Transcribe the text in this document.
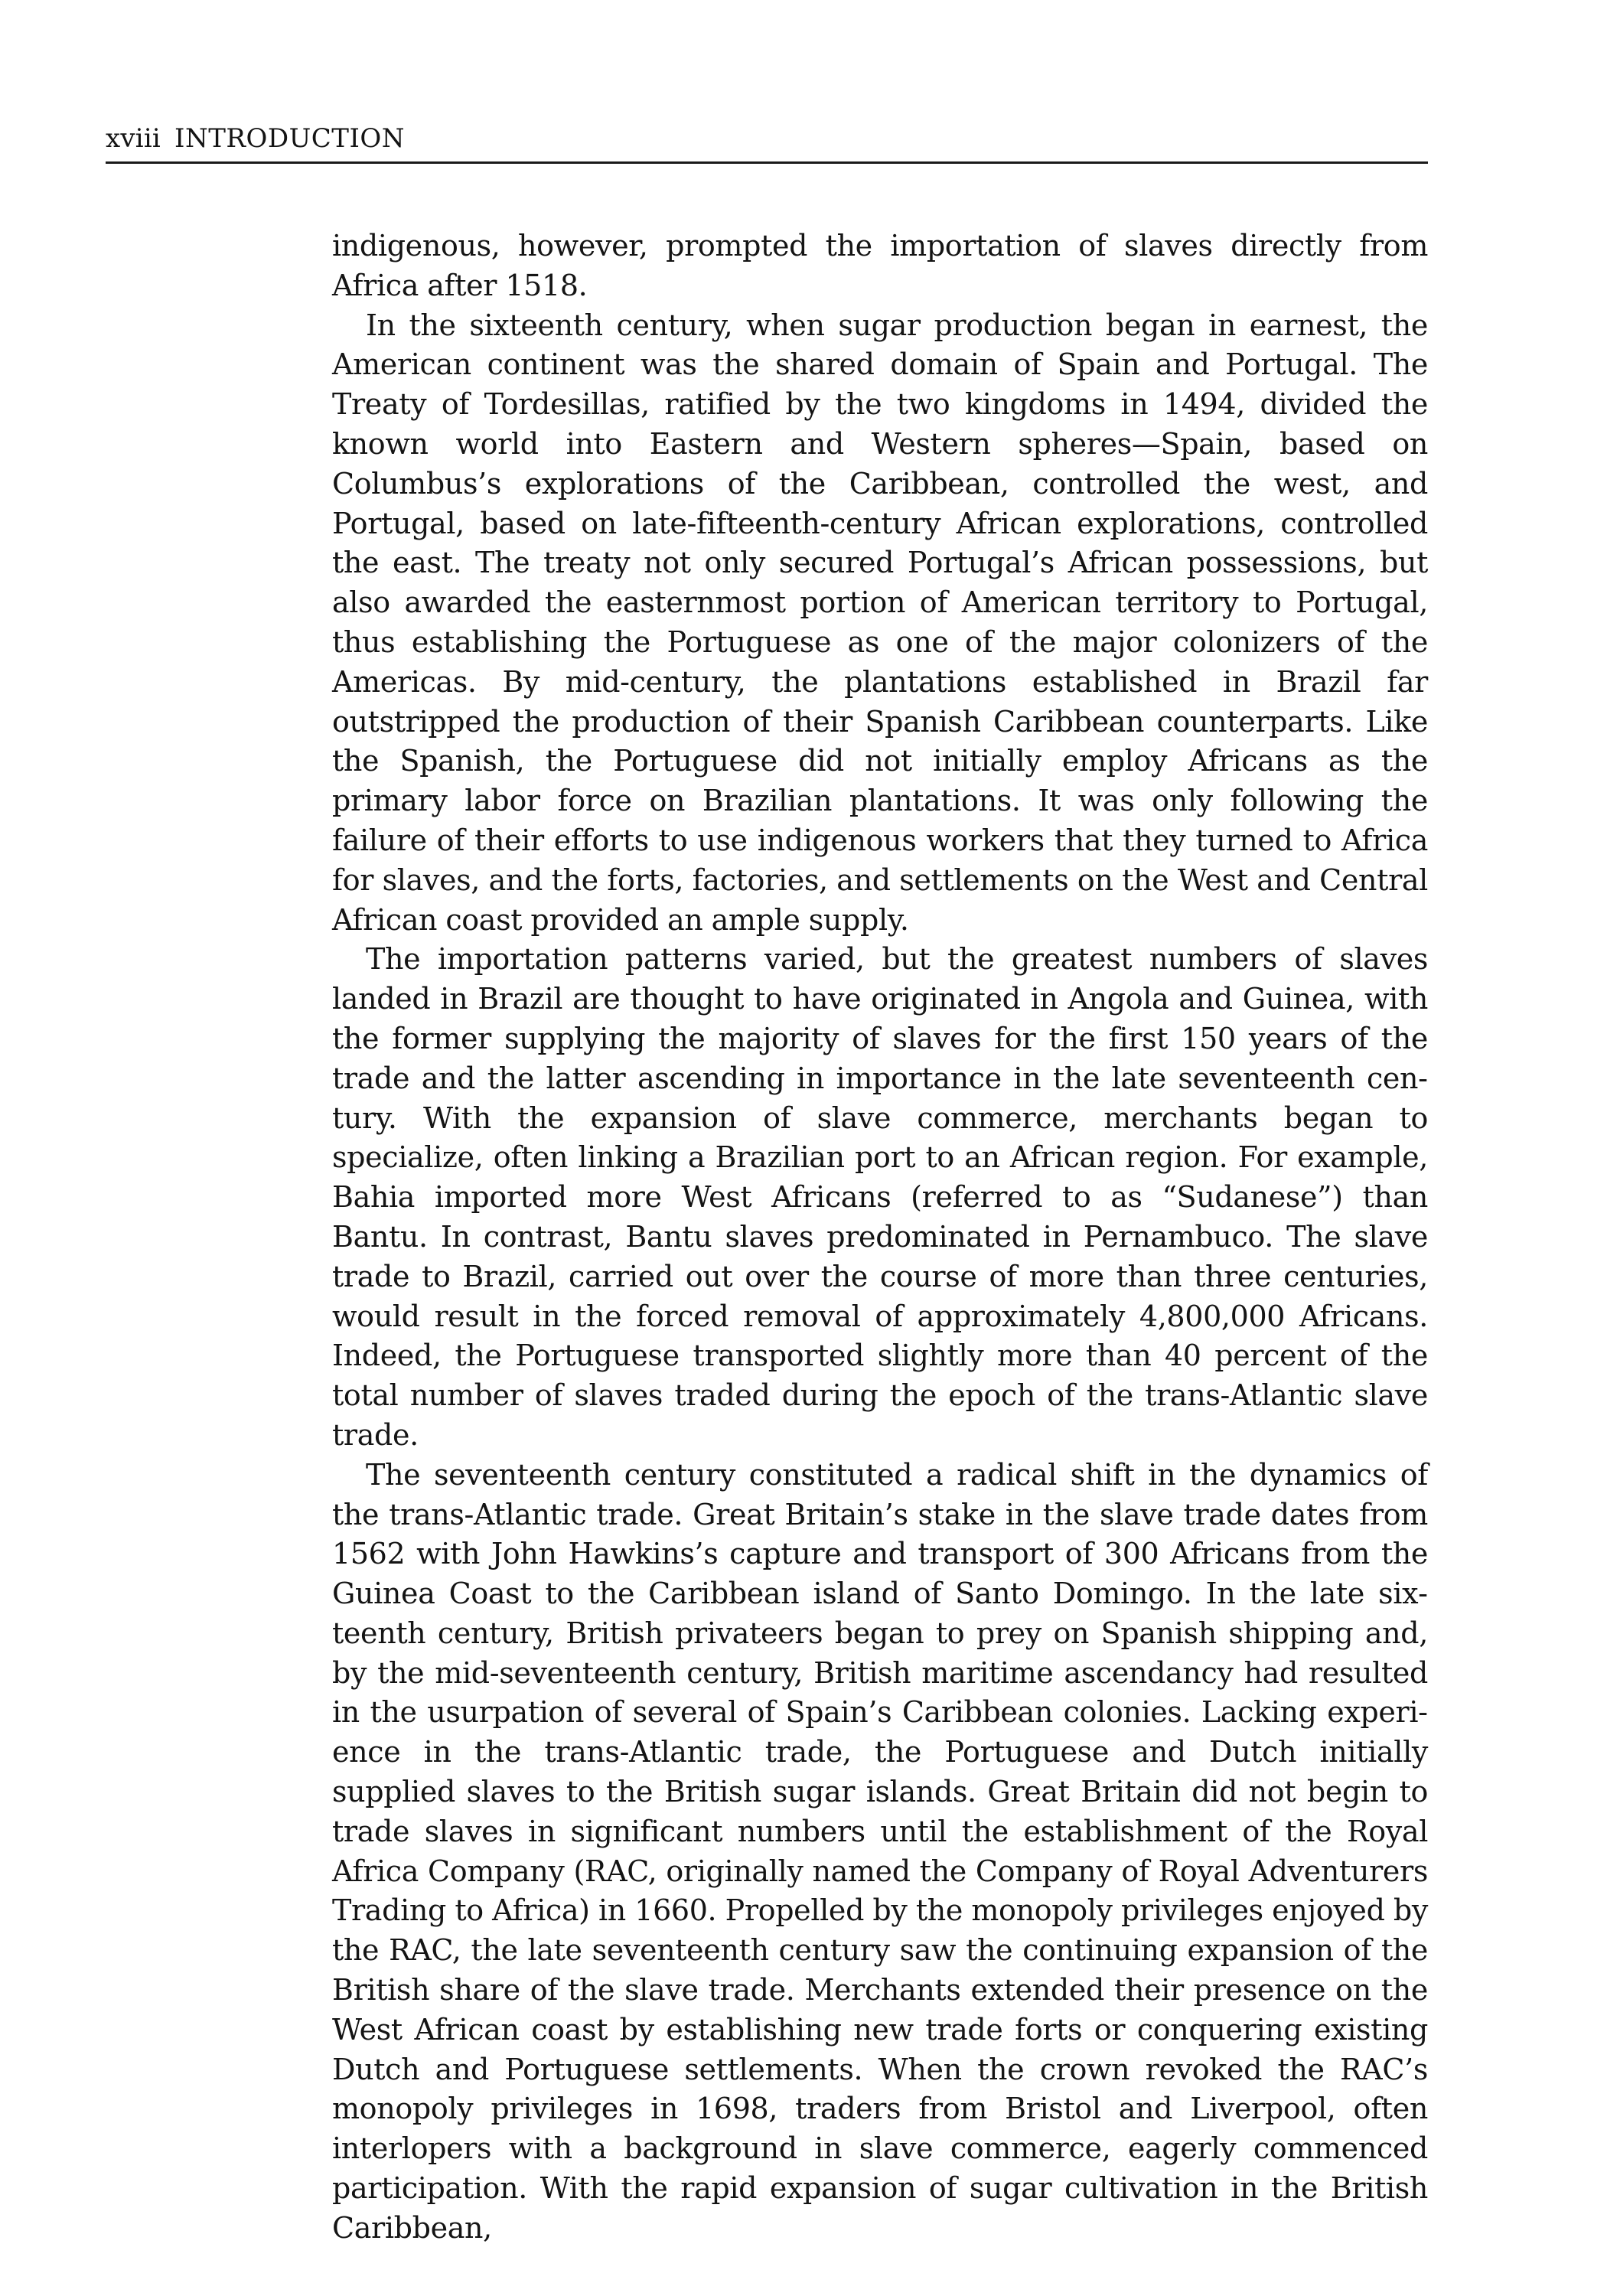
xviii INTRODUCTION

indigenous, however, prompted the importation of slaves directly from Africa after 1518.

In the sixteenth century, when sugar production began in earnest, the American continent was the shared domain of Spain and Portugal. The Treaty of Tordesillas, ratified by the two kingdoms in 1494, divided the known world into Eastern and Western spheres—Spain, based on Columbus’s explorations of the Caribbean, controlled the west, and Portugal, based on late-fifteenth-century African explorations, controlled the east. The treaty not only secured Portugal’s African possessions, but also awarded the easternmost portion of American territory to Portugal, thus establishing the Portuguese as one of the major colonizers of the Americas. By mid-century, the plantations established in Brazil far outstripped the production of their Spanish Caribbean counterparts. Like the Spanish, the Portuguese did not initially employ Africans as the primary labor force on Brazilian plantations. It was only following the failure of their efforts to use indigenous workers that they turned to Africa for slaves, and the forts, factories, and settlements on the West and Central African coast provided an ample supply.

The importation patterns varied, but the greatest numbers of slaves landed in Brazil are thought to have originated in Angola and Guinea, with the former supplying the majority of slaves for the first 150 years of the trade and the latter ascending in importance in the late seventeenth century. With the expansion of slave commerce, merchants began to specialize, often linking a Brazilian port to an African region. For example, Bahia imported more West Africans (referred to as “Sudanese”) than Bantu. In contrast, Bantu slaves predominated in Pernambuco. The slave trade to Brazil, carried out over the course of more than three centuries, would result in the forced removal of approximately 4,800,000 Africans. Indeed, the Portuguese transported slightly more than 40 percent of the total number of slaves traded during the epoch of the trans-Atlantic slave trade.

The seventeenth century constituted a radical shift in the dynamics of the trans-Atlantic trade. Great Britain’s stake in the slave trade dates from 1562 with John Hawkins’s capture and transport of 300 Africans from the Guinea Coast to the Caribbean island of Santo Domingo. In the late sixteenth century, British privateers began to prey on Spanish shipping and, by the mid-seventeenth century, British maritime ascendancy had resulted in the usurpation of several of Spain’s Caribbean colonies. Lacking experience in the trans-Atlantic trade, the Portuguese and Dutch initially supplied slaves to the British sugar islands. Great Britain did not begin to trade slaves in significant numbers until the establishment of the Royal Africa Company (RAC, originally named the Company of Royal Adventurers Trading to Africa) in 1660. Propelled by the monopoly privileges enjoyed by the RAC, the late seventeenth century saw the continuing expansion of the British share of the slave trade. Merchants extended their presence on the West African coast by establishing new trade forts or conquering existing Dutch and Portuguese settlements. When the crown revoked the RAC’s monopoly privileges in 1698, traders from Bristol and Liverpool, often interlopers with a background in slave commerce, eagerly commenced participation. With the rapid expansion of sugar cultivation in the British Caribbean,
